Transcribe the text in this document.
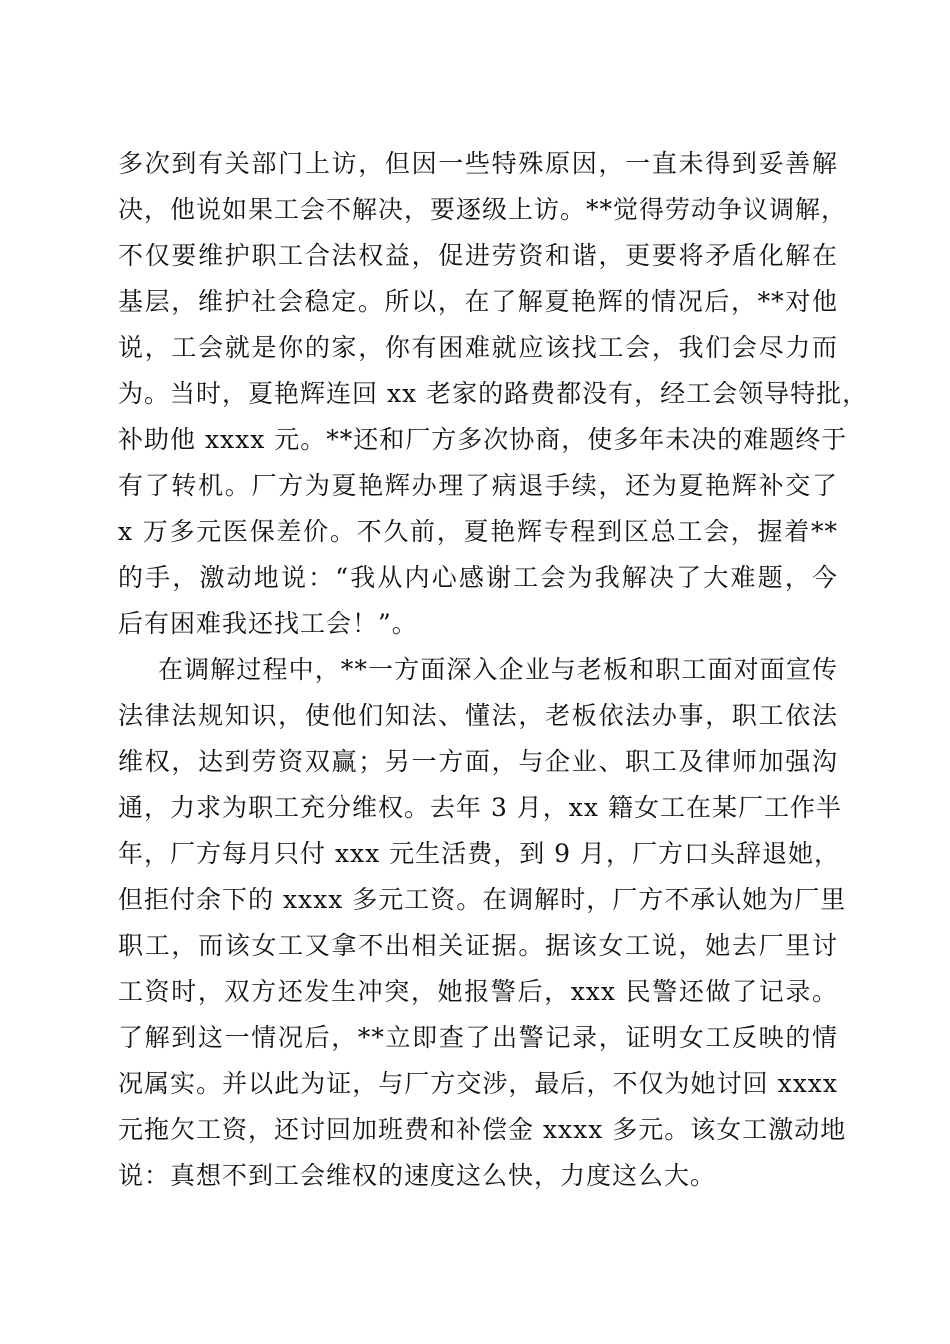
多次到有关部门上访，但因一些特殊原因，一直未得到妥善解
决，他说如果工会不解决，要逐级上访。**觉得劳动争议调解，
不仅要维护职工合法权益，促进劳资和谐，更要将矛盾化解在
基层，维护社会稳定。所以，在了解夏艳辉的情况后，**对他
说，工会就是你的家，你有困难就应该找工会，我们会尽力而
为。当时，夏艳辉连回 xx 老家的路费都没有，经工会领导特批，
补助他 xxxx 元。**还和厂方多次协商，使多年未决的难题终于
有了转机。厂方为夏艳辉办理了病退手续，还为夏艳辉补交了
x 万多元医保差价。不久前，夏艳辉专程到区总工会，握着**
的手，激动地说：“我从内心感谢工会为我解决了大难题，今
后有困难我还找工会！”。
在调解过程中，**一方面深入企业与老板和职工面对面宣传
法律法规知识，使他们知法、懂法，老板依法办事，职工依法
维权，达到劳资双赢；另一方面，与企业、职工及律师加强沟
通，力求为职工充分维权。去年 3 月，xx 籍女工在某厂工作半
年，厂方每月只付 xxx 元生活费，到 9 月，厂方口头辞退她，
但拒付余下的 xxxx 多元工资。在调解时，厂方不承认她为厂里
职工，而该女工又拿不出相关证据。据该女工说，她去厂里讨
工资时，双方还发生冲突，她报警后，xxx 民警还做了记录。
了解到这一情况后，**立即查了出警记录，证明女工反映的情
况属实。并以此为证，与厂方交涉，最后，不仅为她讨回 xxxx
元拖欠工资，还讨回加班费和补偿金 xxxx 多元。该女工激动地
说：真想不到工会维权的速度这么快，力度这么大。
